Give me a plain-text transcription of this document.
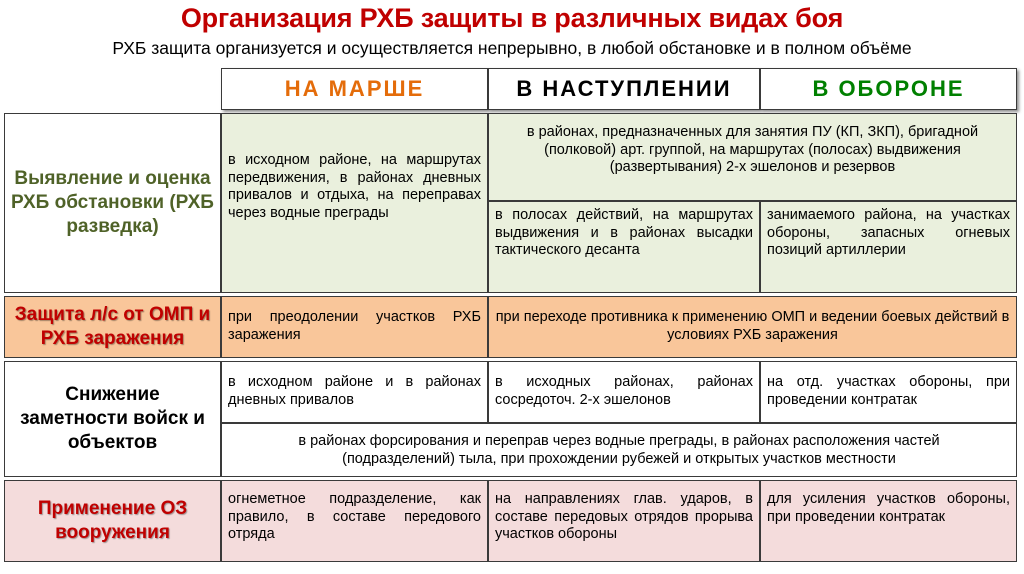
Организация РХБ защиты в различных видах боя
РХБ защита организуется и осуществляется непрерывно, в любой обстановке и в полном объёме
НА МАРШЕ	В НАСТУПЛЕНИИ	В ОБОРОНЕ
Выявление и оценка РХБ обстановки (РХБ разведка)
в исходном районе, на маршрутах передвижения, в районах дневных привалов и отдыха, на переправах через водные преграды
в районах, предназначенных для занятия ПУ (КП, ЗКП), бригадной (полковой) арт. группой, на маршрутах (полосах) выдвижения (развертывания) 2-х эшелонов и резервов
в полосах действий, на маршрутах выдвижения и в районах высадки тактического десанта
занимаемого района, на участках обороны, запасных огневых позиций артиллерии
Защита л/с от ОМП и РХБ заражения
при преодолении участков РХБ заражения
при переходе противника к применению ОМП и ведении боевых действий в условиях РХБ заражения
Снижение заметности войск и объектов
в исходном районе и в районах дневных привалов
в исходных районах, районах сосредоточ. 2-х эшелонов
на отд. участках обороны, при проведении контратак
в районах форсирования и переправ через водные преграды, в районах расположения частей (подразделений) тыла, при прохождении рубежей и открытых участков местности
Применение ОЗ вооружения
огнеметное подразделение, как правило, в составе передового отряда
на направлениях глав. ударов, в составе передовых отрядов прорыва участков обороны
для усиления участков обороны, при проведении контратак
